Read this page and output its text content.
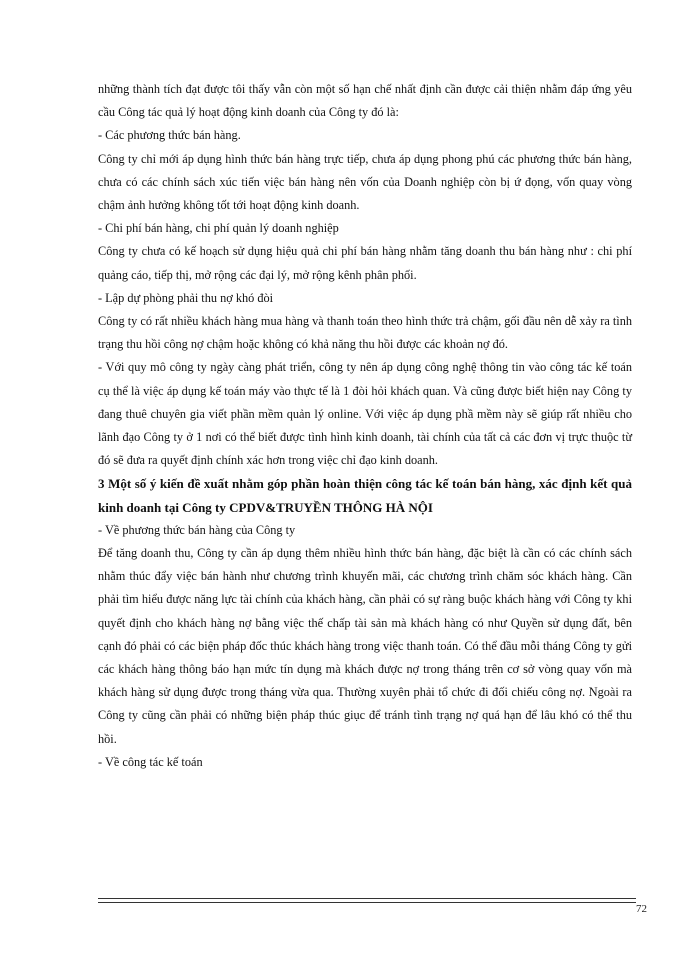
những thành tích đạt được tôi thấy vẫn còn một số hạn chế nhất định cần được cải thiện nhằm đáp ứng yêu cầu Công tác quả lý hoạt động kinh doanh của Công ty đó là:

- Các phương thức bán hàng.

Công ty chỉ mới áp dụng hình thức bán hàng trực tiếp, chưa áp dụng phong phú các phương thức bán hàng, chưa có các chính sách xúc tiến việc bán hàng nên vốn của Doanh nghiệp còn bị ứ đọng, vốn quay vòng chậm ảnh hưởng không tốt tới hoạt động kinh doanh.

- Chi phí bán hàng, chi phí quản lý doanh nghiệp

Công ty chưa có kế hoạch sử dụng hiệu quả chi phí bán hàng nhằm tăng doanh thu bán hàng như : chi phí quảng cáo, tiếp thị, mở rộng các đại lý, mở rộng kênh phân phối.

- Lập dự phòng phải thu nợ khó đòi

Công ty có rất nhiều khách hàng mua hàng và thanh toán theo hình thức trả chậm, gối đầu nên dễ xảy ra tình trạng thu hồi công nợ chậm hoặc không có khả năng thu hồi được các khoản nợ đó.

- Với quy mô công ty ngày càng phát triển, công ty nên áp dụng công nghệ thông tin vào công tác kế toán cụ thể là việc áp dụng kế toán máy vào thực tế là 1 đòi hỏi khách quan. Và cũng được biết hiện nay Công ty đang thuê chuyên gia viết phần mềm quản lý online. Với việc áp dụng phầ mềm này sẽ giúp rất nhiều cho lãnh đạo Công ty ở 1 nơi có thể biết được tình hình kinh doanh, tài chính của tất cả các đơn vị trực thuộc từ đó sẽ đưa ra quyết định chính xác hơn trong việc chỉ đạo kinh doanh.

3 Một số ý kiến đề xuất nhằm góp phần hoàn thiện công tác kế toán bán hàng, xác định kết quả kinh doanh tại Công ty CPDV&TRUYỀN THÔNG HÀ NỘI

- Về phương thức bán hàng của Công ty

Để tăng doanh thu, Công ty cần áp dụng thêm nhiều hình thức bán hàng, đặc biệt là cần có các chính sách nhằm thúc đẩy việc bán hành như chương trình khuyến mãi, các chương trình chăm sóc khách hàng. Cần phải tìm hiểu được năng lực tài chính của khách hàng, cần phải có sự ràng buộc khách hàng với Công ty khi quyết định cho khách hàng nợ bằng việc thế chấp tài sản mà khách hàng có như Quyền sử dụng đất, bên cạnh đó phải có các biện pháp đốc thúc khách hàng trong việc thanh toán. Có thể đầu mỗi tháng Công ty gửi các khách hàng thông báo hạn mức tín dụng mà khách được nợ trong tháng trên cơ sở vòng quay vốn mà khách hàng sử dụng được trong tháng vừa qua. Thường xuyên phải tổ chức đi đối chiếu công nợ. Ngoài ra Công ty cũng cần phải có những biện pháp thúc giục để tránh tình trạng nợ quá hạn để lâu khó có thể thu hồi.

- Về công tác kế toán

72
